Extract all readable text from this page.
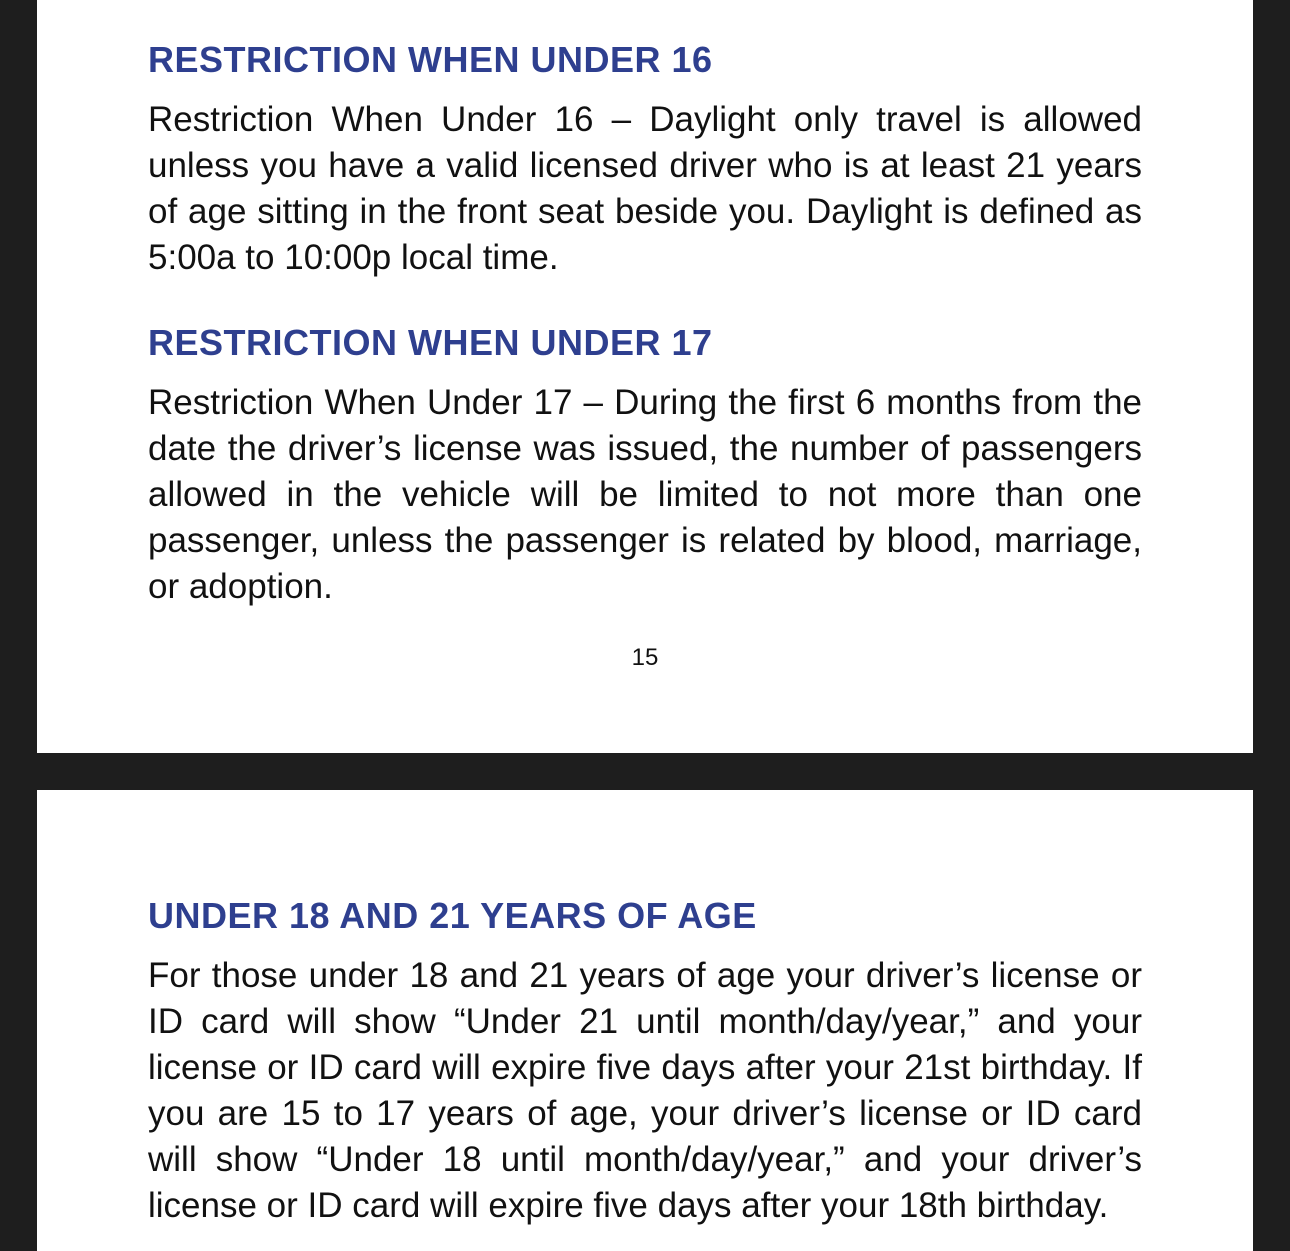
RESTRICTION WHEN UNDER 16

Restriction When Under 16 – Daylight only travel is allowed unless you have a valid licensed driver who is at least 21 years of age sitting in the front seat beside you. Daylight is defined as 5:00a to 10:00p local time.

RESTRICTION WHEN UNDER 17

Restriction When Under 17 – During the first 6 months from the date the driver’s license was issued, the number of passengers allowed in the vehicle will be limited to not more than one passenger, unless the passenger is related by blood, marriage, or adoption.

15
UNDER 18 AND 21 YEARS OF AGE

For those under 18 and 21 years of age your driver’s license or ID card will show “Under 21 until month/day/year,” and your license or ID card will expire five days after your 21st birthday. If you are 15 to 17 years of age, your driver’s license or ID card will show “Under 18 until month/day/year,” and your driver’s license or ID card will expire five days after your 18th birthday.
